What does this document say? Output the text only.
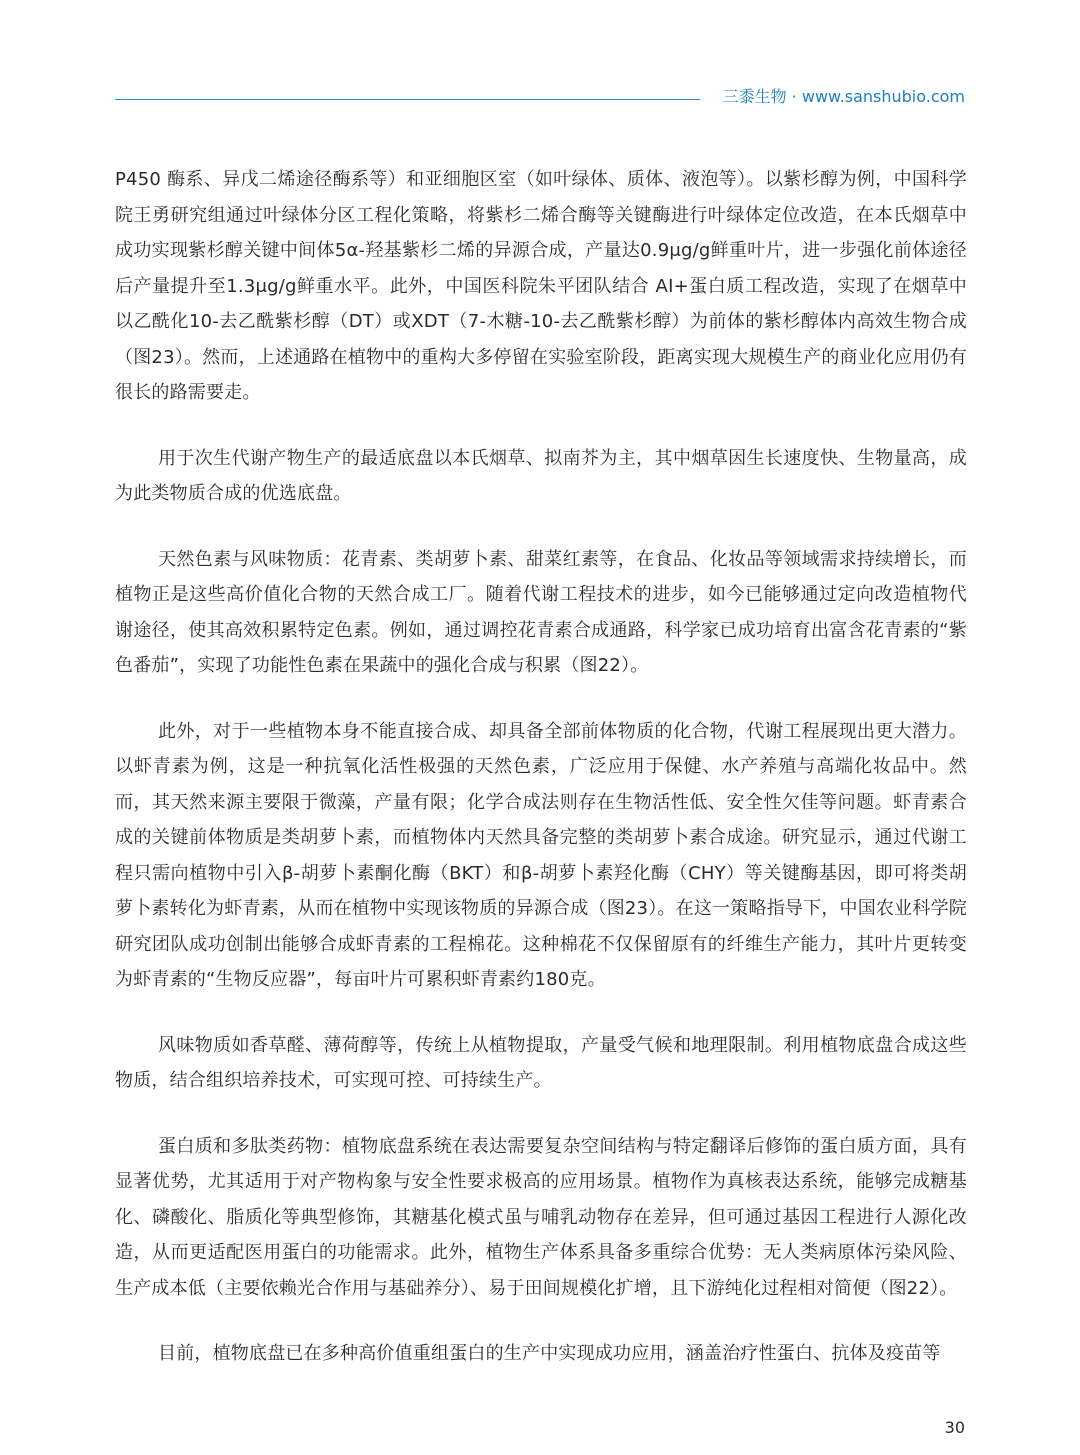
三黍生物 · www.sanshubio.com

P450 酶系、异戊二烯途径酶系等）和亚细胞区室（如叶绿体、质体、液泡等）。以紫杉醇为例，中国科学院王勇研究组通过叶绿体分区工程化策略，将紫杉二烯合酶等关键酶进行叶绿体定位改造，在本氏烟草中成功实现紫杉醇关键中间体5α-羟基紫杉二烯的异源合成，产量达0.9μg/g鲜重叶片，进一步强化前体途径后产量提升至1.3μg/g鲜重水平。此外，中国医科院朱平团队结合 AI+蛋白质工程改造，实现了在烟草中以乙酰化10-去乙酰紫杉醇（DT）或XDT（7-木糖-10-去乙酰紫杉醇）为前体的紫杉醇体内高效生物合成（图23）。然而，上述通路在植物中的重构大多停留在实验室阶段，距离实现大规模生产的商业化应用仍有很长的路需要走。

用于次生代谢产物生产的最适底盘以本氏烟草、拟南芥为主，其中烟草因生长速度快、生物量高，成为此类物质合成的优选底盘。

天然色素与风味物质：花青素、类胡萝卜素、甜菜红素等，在食品、化妆品等领域需求持续增长，而植物正是这些高价值化合物的天然合成工厂。随着代谢工程技术的进步，如今已能够通过定向改造植物代谢途径，使其高效积累特定色素。例如，通过调控花青素合成通路，科学家已成功培育出富含花青素的“紫色番茄”，实现了功能性色素在果蔬中的强化合成与积累（图22）。

此外，对于一些植物本身不能直接合成、却具备全部前体物质的化合物，代谢工程展现出更大潜力。以虾青素为例，这是一种抗氧化活性极强的天然色素，广泛应用于保健、水产养殖与高端化妆品中。然而，其天然来源主要限于微藻，产量有限；化学合成法则存在生物活性低、安全性欠佳等问题。虾青素合成的关键前体物质是类胡萝卜素，而植物体内天然具备完整的类胡萝卜素合成途。研究显示，通过代谢工程只需向植物中引入β-胡萝卜素酮化酶（BKT）和β-胡萝卜素羟化酶（CHY）等关键酶基因，即可将类胡萝卜素转化为虾青素，从而在植物中实现该物质的异源合成（图23）。在这一策略指导下，中国农业科学院研究团队成功创制出能够合成虾青素的工程棉花。这种棉花不仅保留原有的纤维生产能力，其叶片更转变为虾青素的“生物反应器”，每亩叶片可累积虾青素约180克。

风味物质如香草醛、薄荷醇等，传统上从植物提取，产量受气候和地理限制。利用植物底盘合成这些物质，结合组织培养技术，可实现可控、可持续生产。

蛋白质和多肽类药物：植物底盘系统在表达需要复杂空间结构与特定翻译后修饰的蛋白质方面，具有显著优势，尤其适用于对产物构象与安全性要求极高的应用场景。植物作为真核表达系统，能够完成糖基化、磷酸化、脂质化等典型修饰，其糖基化模式虽与哺乳动物存在差异，但可通过基因工程进行人源化改造，从而更适配医用蛋白的功能需求。此外，植物生产体系具备多重综合优势：无人类病原体污染风险、生产成本低（主要依赖光合作用与基础养分）、易于田间规模化扩增，且下游纯化过程相对简便（图22）。

目前，植物底盘已在多种高价值重组蛋白的生产中实现成功应用，涵盖治疗性蛋白、抗体及疫苗等

30
